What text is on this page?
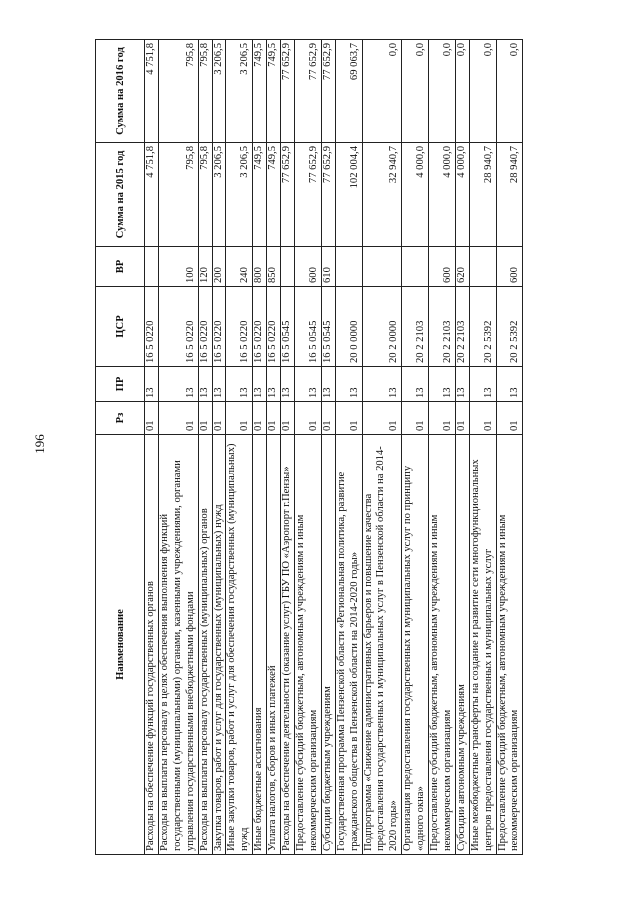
196
Наименование	Рз	ПР	ЦСР	ВР	Сумма на 2015 год	Сумма на 2016 год
Расходы на обеспечение функций государственных органов	01	13	16 5 0220		4 751,8	4 751,8
Расходы на выплаты персоналу в целях обеспечения выполнения функций государственными (муниципальными) органами, казенными учреждениями, органами управления государственными внебюджетными фондами	01	13	16 5 0220	100	795,8	795,8
Расходы на выплаты персоналу государственных (муниципальных) органов	01	13	16 5 0220	120	795,8	795,8
Закупка товаров, работ и услуг для государственных (муниципальных) нужд	01	13	16 5 0220	200	3 206,5	3 206,5
Иные закупки товаров, работ и услуг для обеспечения государственных (муниципальных) нужд	01	13	16 5 0220	240	3 206,5	3 206,5
Иные бюджетные ассигнования	01	13	16 5 0220	800	749,5	749,5
Уплата налогов, сборов и иных платежей	01	13	16 5 0220	850	749,5	749,5
Расходы на обеспечение деятельности (оказание услуг) ГБУ ПО «Аэропорт г.Пензы»	01	13	16 5 0545		77 652,9	77 652,9
Предоставление субсидий бюджетным, автономным учреждениям и иным некоммерческим организациям	01	13	16 5 0545	600	77 652,9	77 652,9
Субсидии бюджетным учреждениям	01	13	16 5 0545	610	77 652,9	77 652,9
Государственная программа Пензенской области «Региональная политика, развитие гражданского общества в Пензенской области на 2014-2020 годы»	01	13	20 0 0000		102 004,4	69 063,7
Подпрограмма «Снижение административных барьеров и повышение качества предоставления государственных и муниципальных услуг в Пензенской области на 2014-2020 годы»	01	13	20 2 0000		32 940,7	0,0
Организация предоставления государственных и муниципальных услуг по принципу «одного окна»	01	13	20 2 2103		4 000,0	0,0
Предоставление субсидий бюджетным, автономным учреждениям и иным некоммерческим организациям	01	13	20 2 2103	600	4 000,0	0,0
Субсидии автономным учреждениям	01	13	20 2 2103	620	4 000,0	0,0
Иные межбюджетные трансферты на создание и развитие сети многофункциональных центров предоставления государственных и муниципальных услуг	01	13	20 2 5392		28 940,7	0,0
Предоставление субсидий бюджетным, автономным учреждениям и иным некоммерческим организациям	01	13	20 2 5392	600	28 940,7	0,0
